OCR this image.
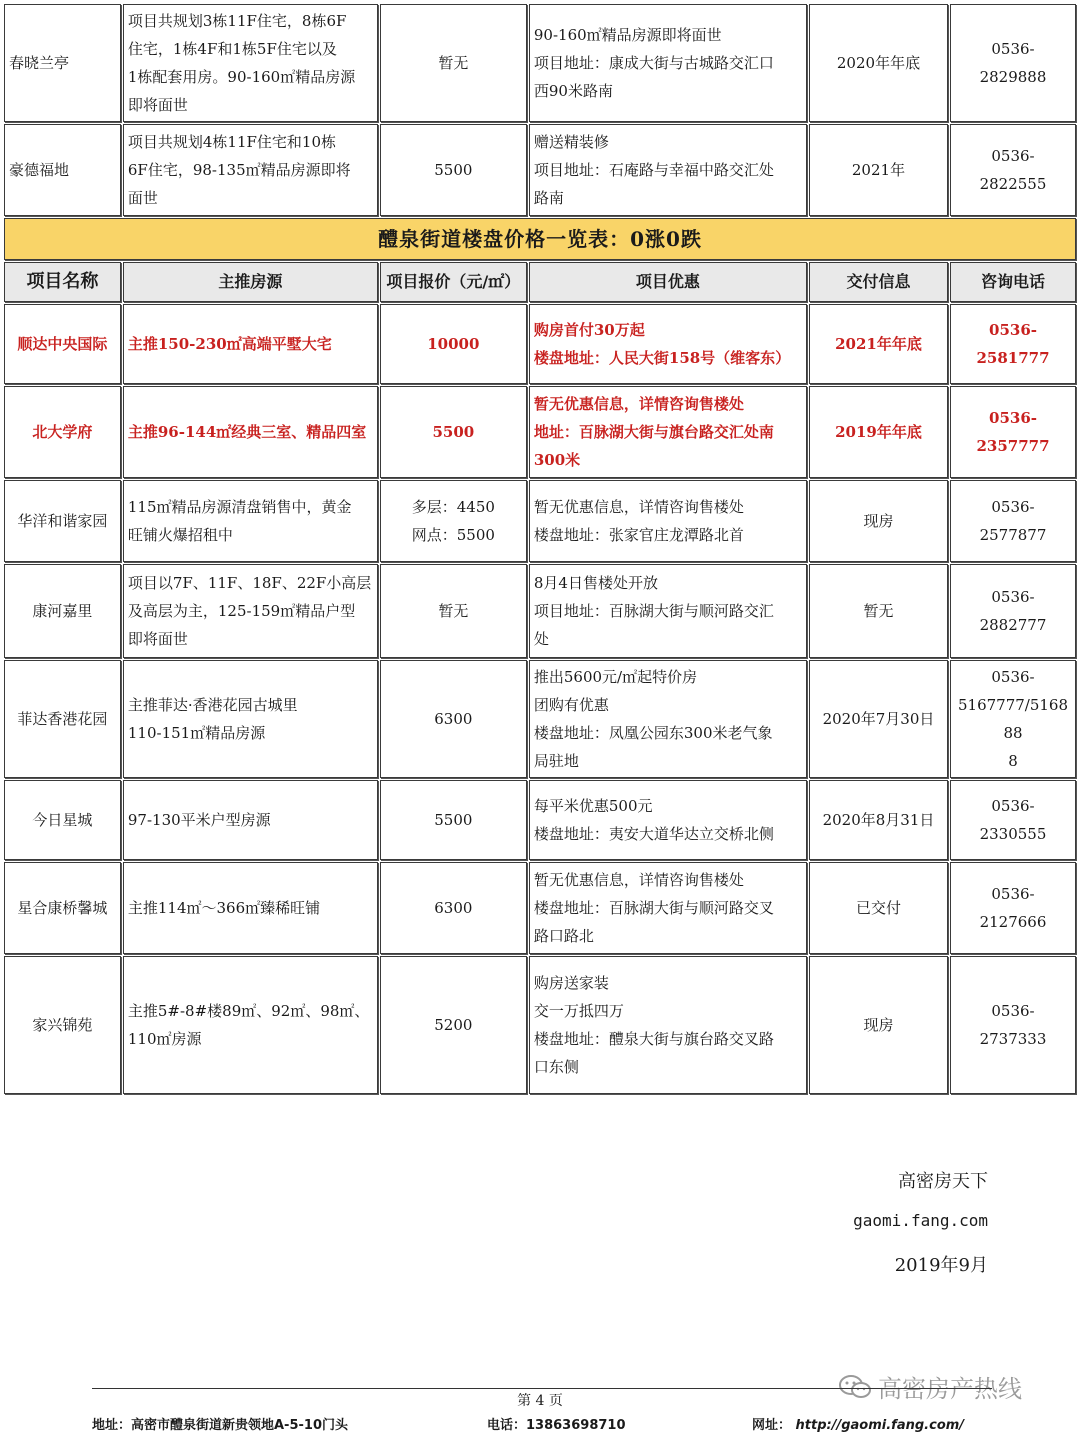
春晓兰亭	项目共规划3栋11F住宅，8栋6F
住宅，1栋4F和1栋5F住宅以及
1栋配套用房。90-160㎡精品房源
即将面世	暂无	90-160㎡精品房源即将面世
项目地址：康成大街与古城路交汇口
西90米路南	2020年年底	0536-
2829888

豪德福地	项目共规划4栋11F住宅和10栋
6F住宅，98-135㎡精品房源即将
面世	5500	赠送精装修
项目地址：石庵路与幸福中路交汇处
路南	2021年	0536-
2822555

醴泉街道楼盘价格一览表：0涨0跌					
项目名称	主推房源	项目报价（元/㎡）	项目优惠	交付信息	咨询电话
顺达中央国际	主推150-230㎡高端平墅大宅	10000	购房首付30万起
楼盘地址：人民大街158号（维客东）	2021年年底	0536-
2581777

北大学府	主推96-144㎡经典三室、精品四室	5500	暂无优惠信息，详情咨询售楼处
地址：百脉湖大街与旗台路交汇处南
300米	2019年年底	0536-
2357777

华洋和谐家园	115㎡精品房源清盘销售中，黄金
旺铺火爆招租中	多层：4450
网点：5500	暂无优惠信息，详情咨询售楼处
楼盘地址：张家官庄龙潭路北首	现房	0536-
2577877

康河嘉里	项目以7F、11F、18F、22F小高层
及高层为主，125-159㎡精品户型
即将面世	暂无	8月4日售楼处开放
项目地址：百脉湖大街与顺河路交汇
处	暂无	0536-
2882777

菲达香港花园	主推菲达·香港花园古城里
110-151㎡精品房源	6300	推出5600元/㎡起特价房
团购有优惠
楼盘地址：凤凰公园东300米老气象
局驻地	2020年7月30日	0536-
5167777/516888
8

今日星城	97-130平米户型房源	5500	每平米优惠500元
楼盘地址：夷安大道华达立交桥北侧	2020年8月31日	0536-
2330555

星合康桥馨城	主推114㎡～366㎡臻稀旺铺	6300	暂无优惠信息，详情咨询售楼处
楼盘地址：百脉湖大街与顺河路交叉
路口路北	已交付	0536-
2127666

家兴锦苑	主推5#-8#楼89㎡、92㎡、98㎡、
110㎡房源	5200	购房送家装
交一万抵四万
楼盘地址：醴泉大街与旗台路交叉路
口东侧	现房	0536-
2737333
高密房天下
gaomi.fang.com
2019年9月
高密房产热线
第 4 页
地址：高密市醴泉街道新贵领地A-5-10门头	电话：13863698710	网址： http://gaomi.fang.com/
